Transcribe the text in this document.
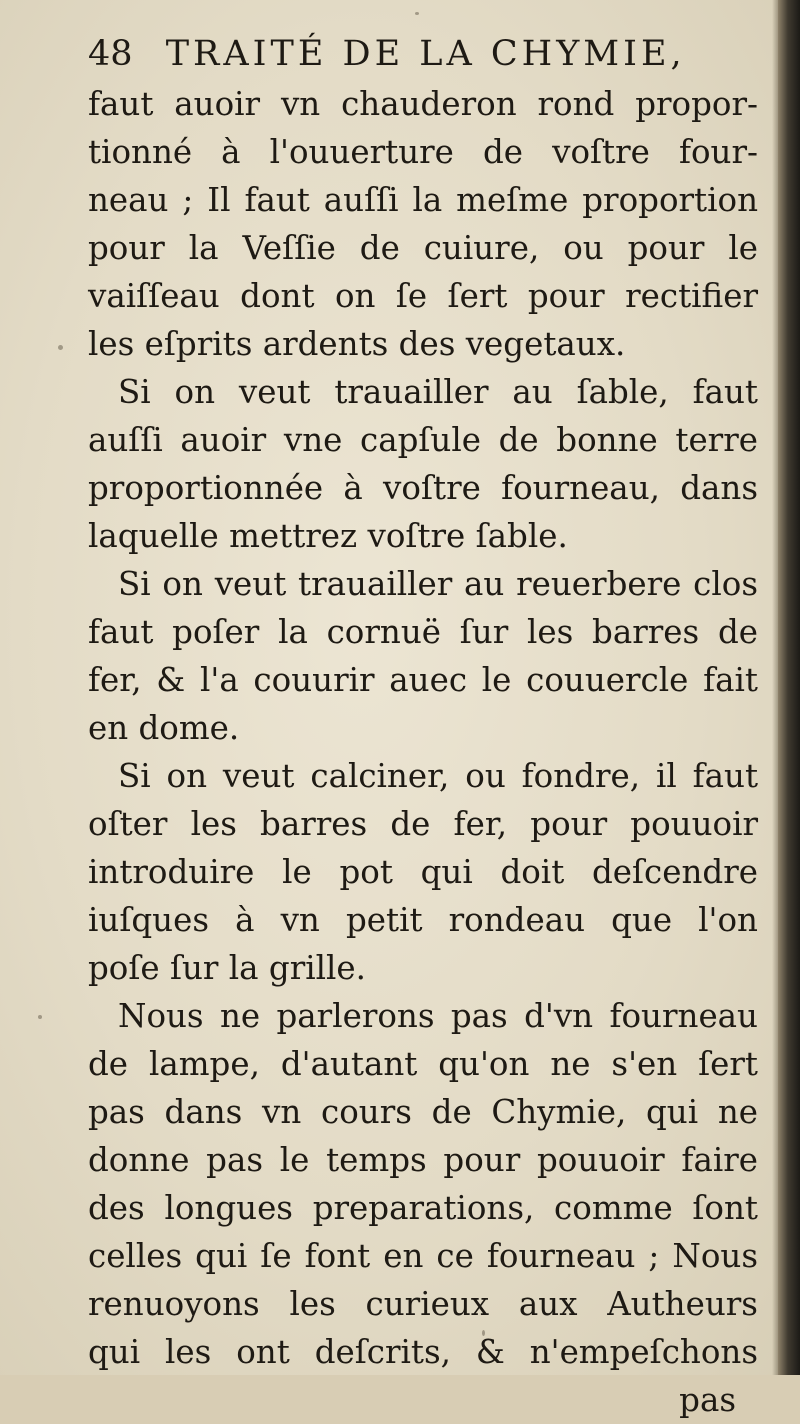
48 TRAITÉ DE LA CHYMIE,
faut auoir vn chauderon rond propor-
tionné à l'ouuerture de voſtre four-
neau ; Il faut auſſi la meſme proportion
pour la Veſſie de cuiure, ou pour le
vaiſſeau dont on ſe ſert pour rectifier
les eſprits ardents des vegetaux.
Si on veut trauailler au ſable, faut
auſſi auoir vne capſule de bonne terre
proportionnée à voſtre fourneau, dans
laquelle mettrez voſtre ſable.
Si on veut trauailler au reuerbere clos
faut poſer la cornuë ſur les barres de
fer, & l'a couurir auec le couuercle fait
en dome.
Si on veut calciner, ou fondre, il faut
oſter les barres de fer, pour pouuoir
introduire le pot qui doit deſcendre
iuſques à vn petit rondeau que l'on
poſe ſur la grille.
Nous ne parlerons pas d'vn fourneau
de lampe, d'autant qu'on ne s'en ſert
pas dans vn cours de Chymie, qui ne
donne pas le temps pour pouuoir faire
des longues preparations, comme ſont
celles qui ſe font en ce fourneau ; Nous
renuoyons les curieux aux Autheurs
qui les ont deſcrits, & n'empeſchons
pas
